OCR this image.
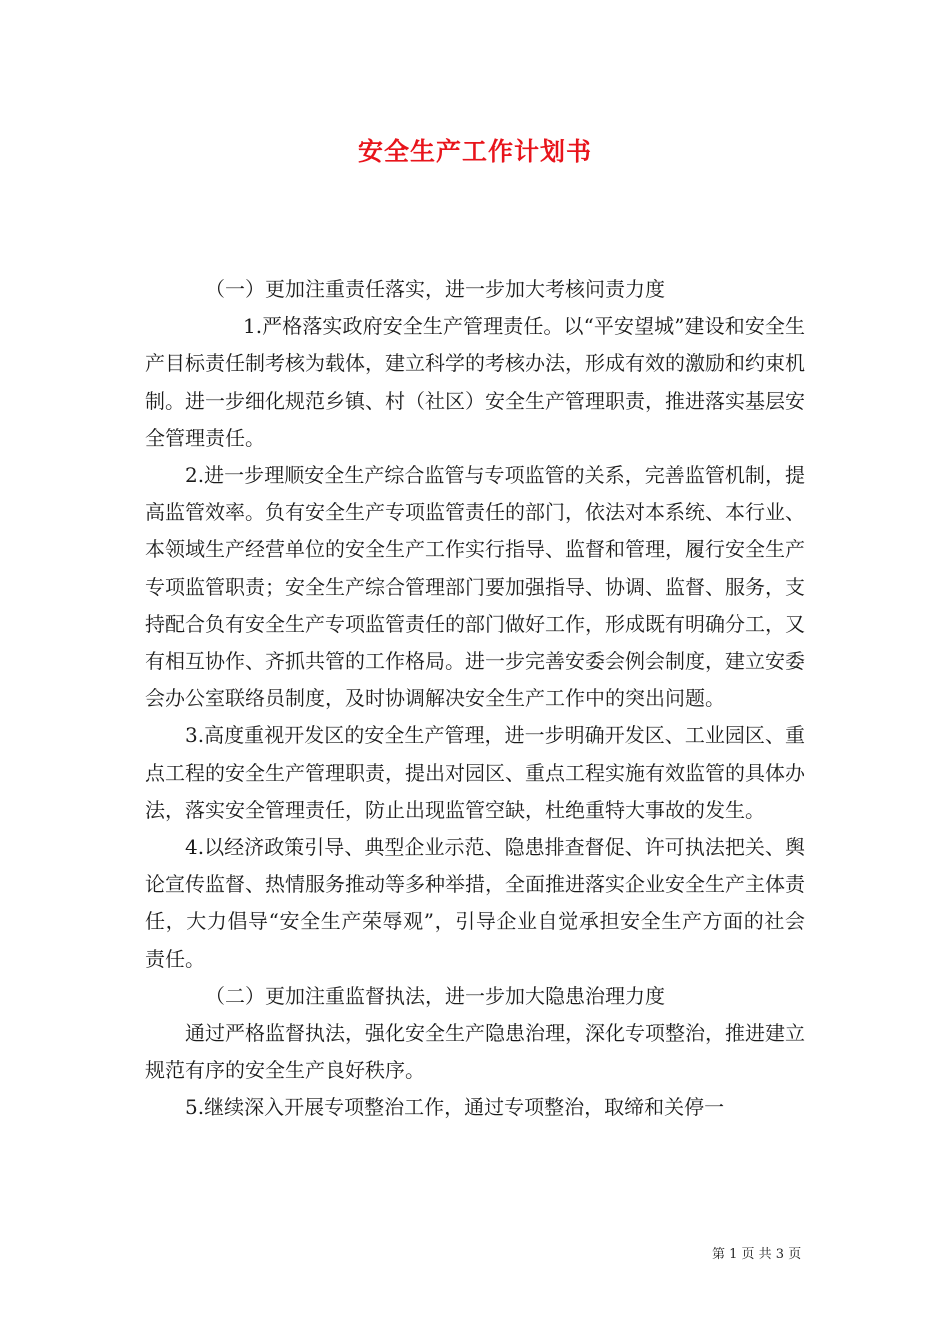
安全生产工作计划书

（一）更加注重责任落实，进一步加大考核问责力度

1.严格落实政府安全生产管理责任。以“平安望城”建设和安全生产目标责任制考核为载体，建立科学的考核办法，形成有效的激励和约束机制。进一步细化规范乡镇、村（社区）安全生产管理职责，推进落实基层安全管理责任。

2.进一步理顺安全生产综合监管与专项监管的关系，完善监管机制，提高监管效率。负有安全生产专项监管责任的部门，依法对本系统、本行业、本领域生产经营单位的安全生产工作实行指导、监督和管理，履行安全生产专项监管职责；安全生产综合管理部门要加强指导、协调、监督、服务，支持配合负有安全生产专项监管责任的部门做好工作，形成既有明确分工，又有相互协作、齐抓共管的工作格局。进一步完善安委会例会制度，建立安委会办公室联络员制度，及时协调解决安全生产工作中的突出问题。

3.高度重视开发区的安全生产管理，进一步明确开发区、工业园区、重点工程的安全生产管理职责，提出对园区、重点工程实施有效监管的具体办法，落实安全管理责任，防止出现监管空缺，杜绝重特大事故的发生。

4.以经济政策引导、典型企业示范、隐患排查督促、许可执法把关、舆论宣传监督、热情服务推动等多种举措，全面推进落实企业安全生产主体责任，大力倡导“安全生产荣辱观”，引导企业自觉承担安全生产方面的社会责任。

（二）更加注重监督执法，进一步加大隐患治理力度

通过严格监督执法，强化安全生产隐患治理，深化专项整治，推进建立规范有序的安全生产良好秩序。

5.继续深入开展专项整治工作，通过专项整治，取缔和关停一

第 1 页 共 3 页
